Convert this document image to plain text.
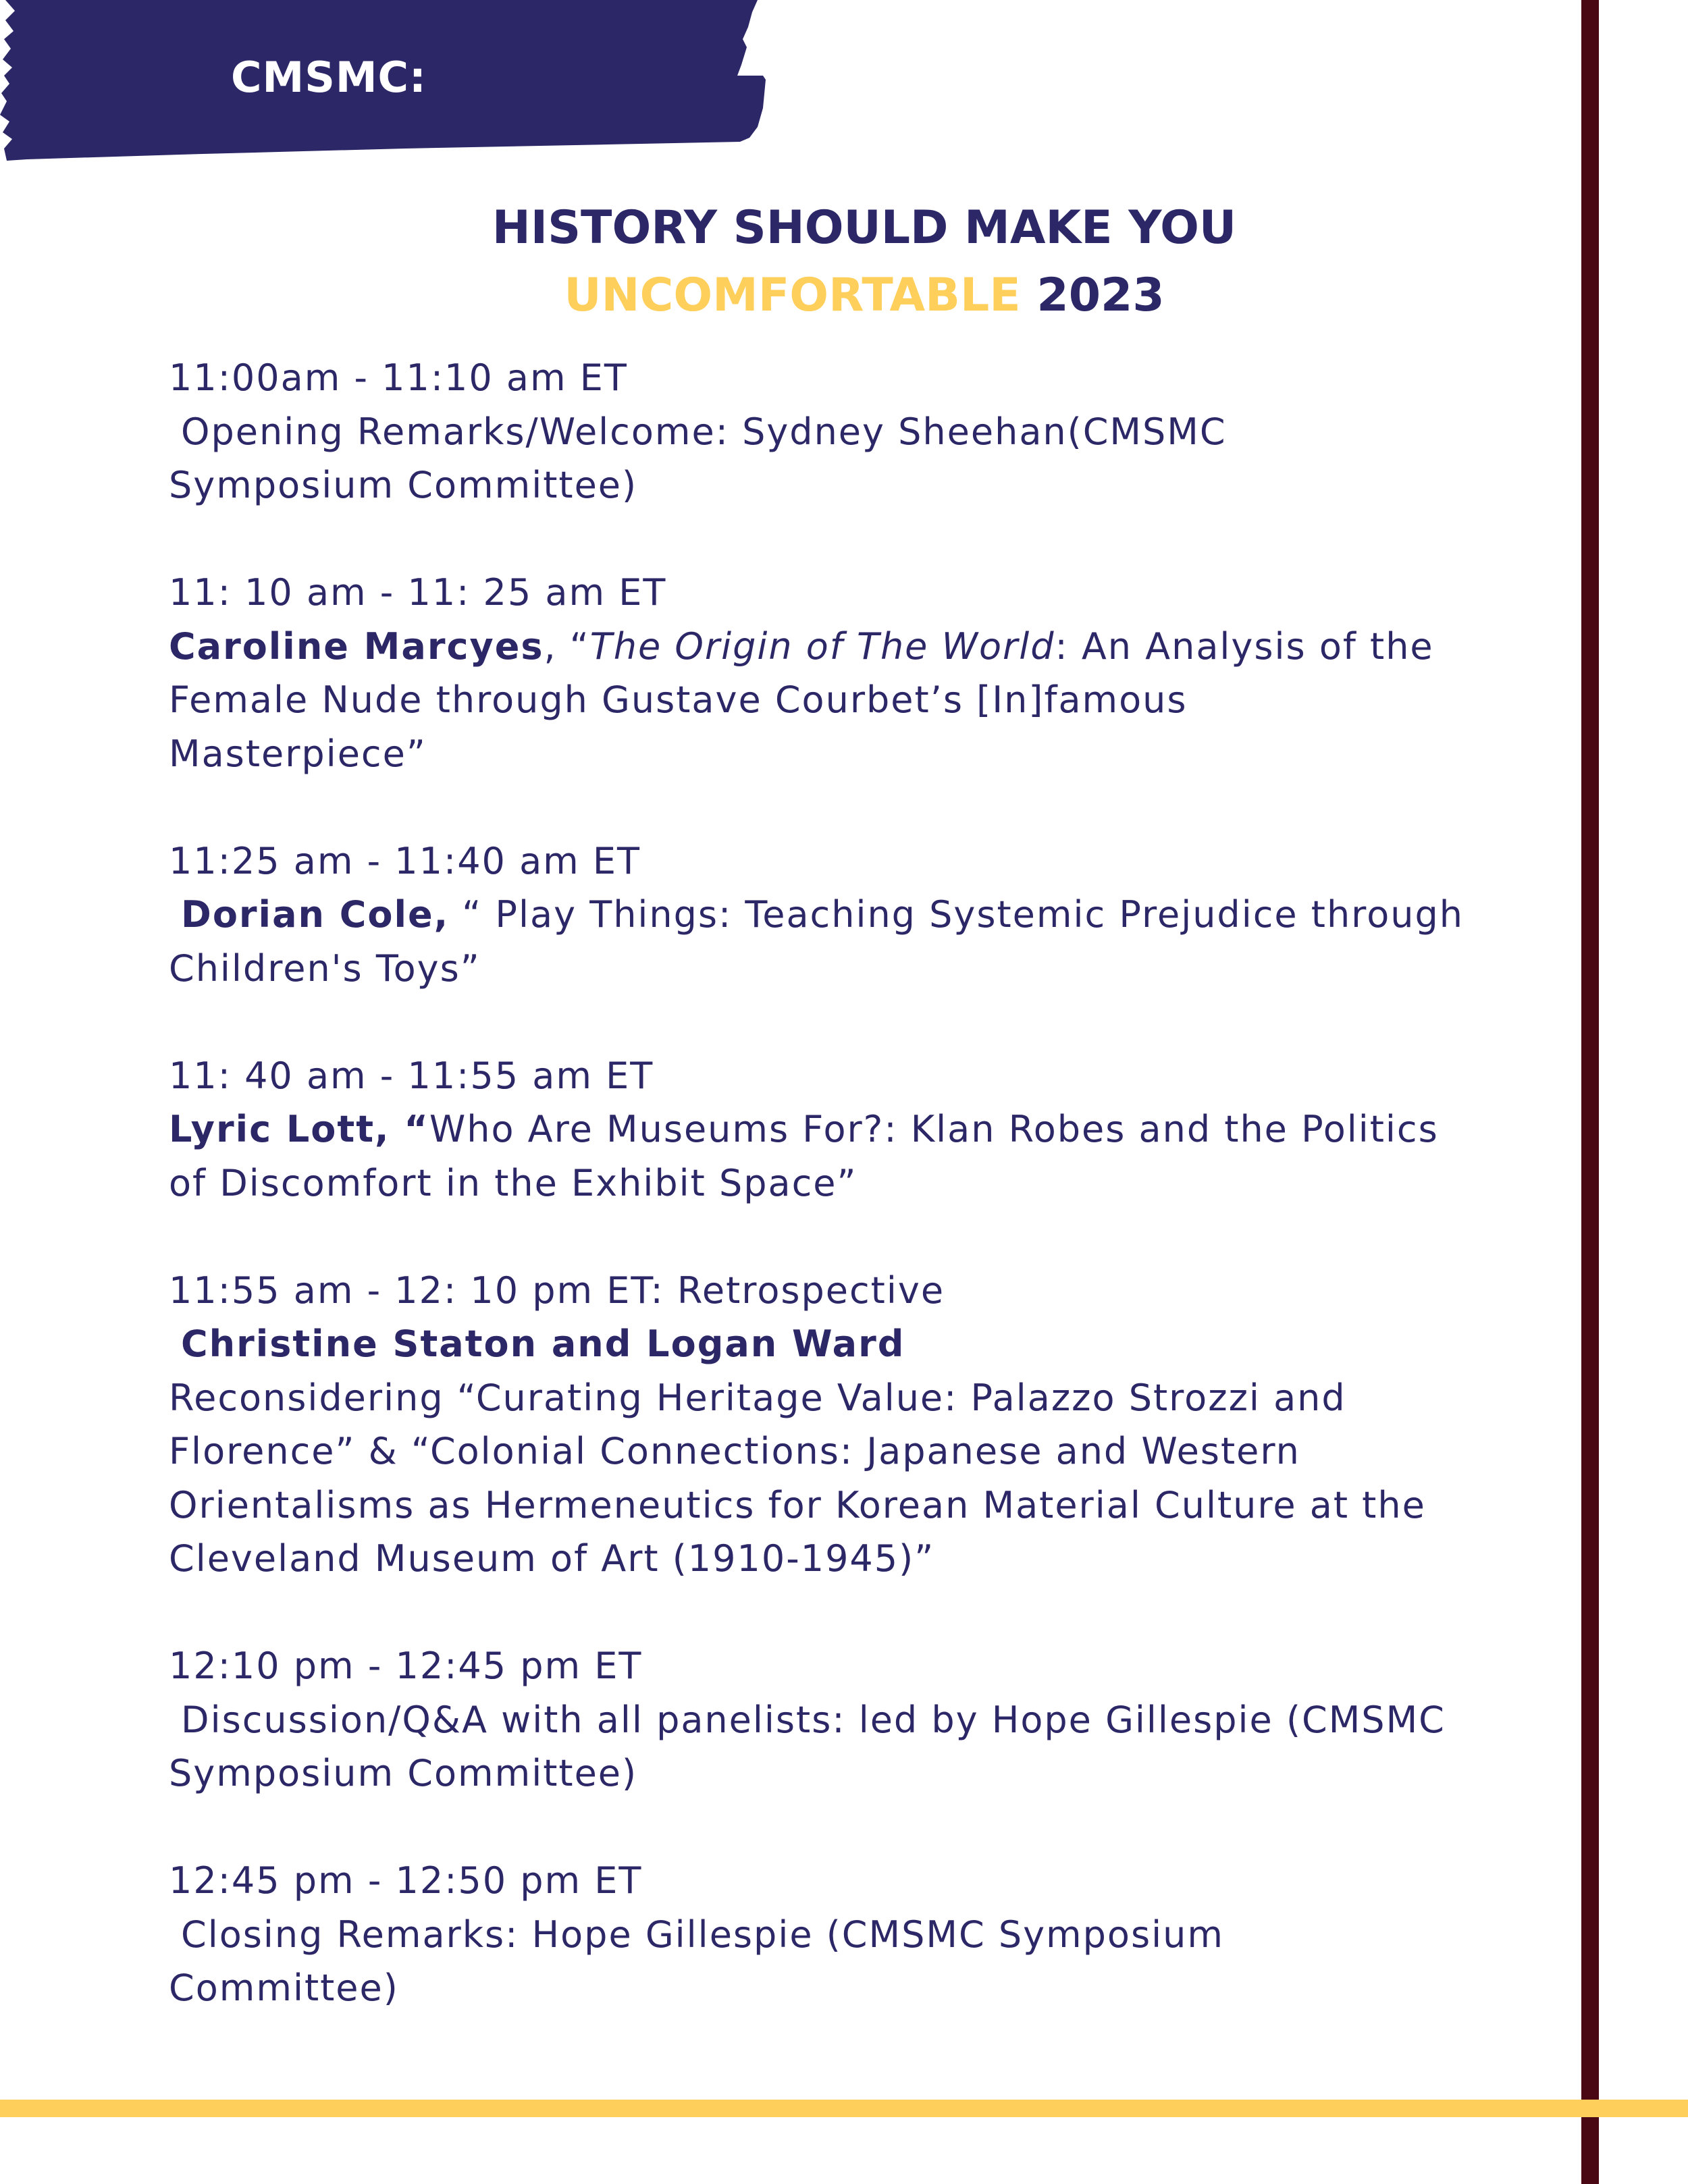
CMSMC:
HISTORY SHOULD MAKE YOU
UNCOMFORTABLE 2023
11:00am - 11:10 am ET
Opening Remarks/Welcome: Sydney Sheehan(CMSMC
Symposium Committee)
11: 10 am - 11: 25 am ET
Caroline Marcyes, “The Origin of The World: An Analysis of the
Female Nude through Gustave Courbet’s [In]famous
Masterpiece”
11:25 am - 11:40 am ET
Dorian Cole, “ Play Things: Teaching Systemic Prejudice through
Children's Toys”
11: 40 am - 11:55 am ET
Lyric Lott, “Who Are Museums For?: Klan Robes and the Politics
of Discomfort in the Exhibit Space”
11:55 am - 12: 10 pm ET: Retrospective
Christine Staton and Logan Ward
Reconsidering “Curating Heritage Value: Palazzo Strozzi and
Florence” & “Colonial Connections: Japanese and Western
Orientalisms as Hermeneutics for Korean Material Culture at the
Cleveland Museum of Art (1910-1945)”
12:10 pm - 12:45 pm ET
Discussion/Q&A with all panelists: led by Hope Gillespie (CMSMC
Symposium Committee)
12:45 pm - 12:50 pm ET
Closing Remarks: Hope Gillespie (CMSMC Symposium
Committee)
